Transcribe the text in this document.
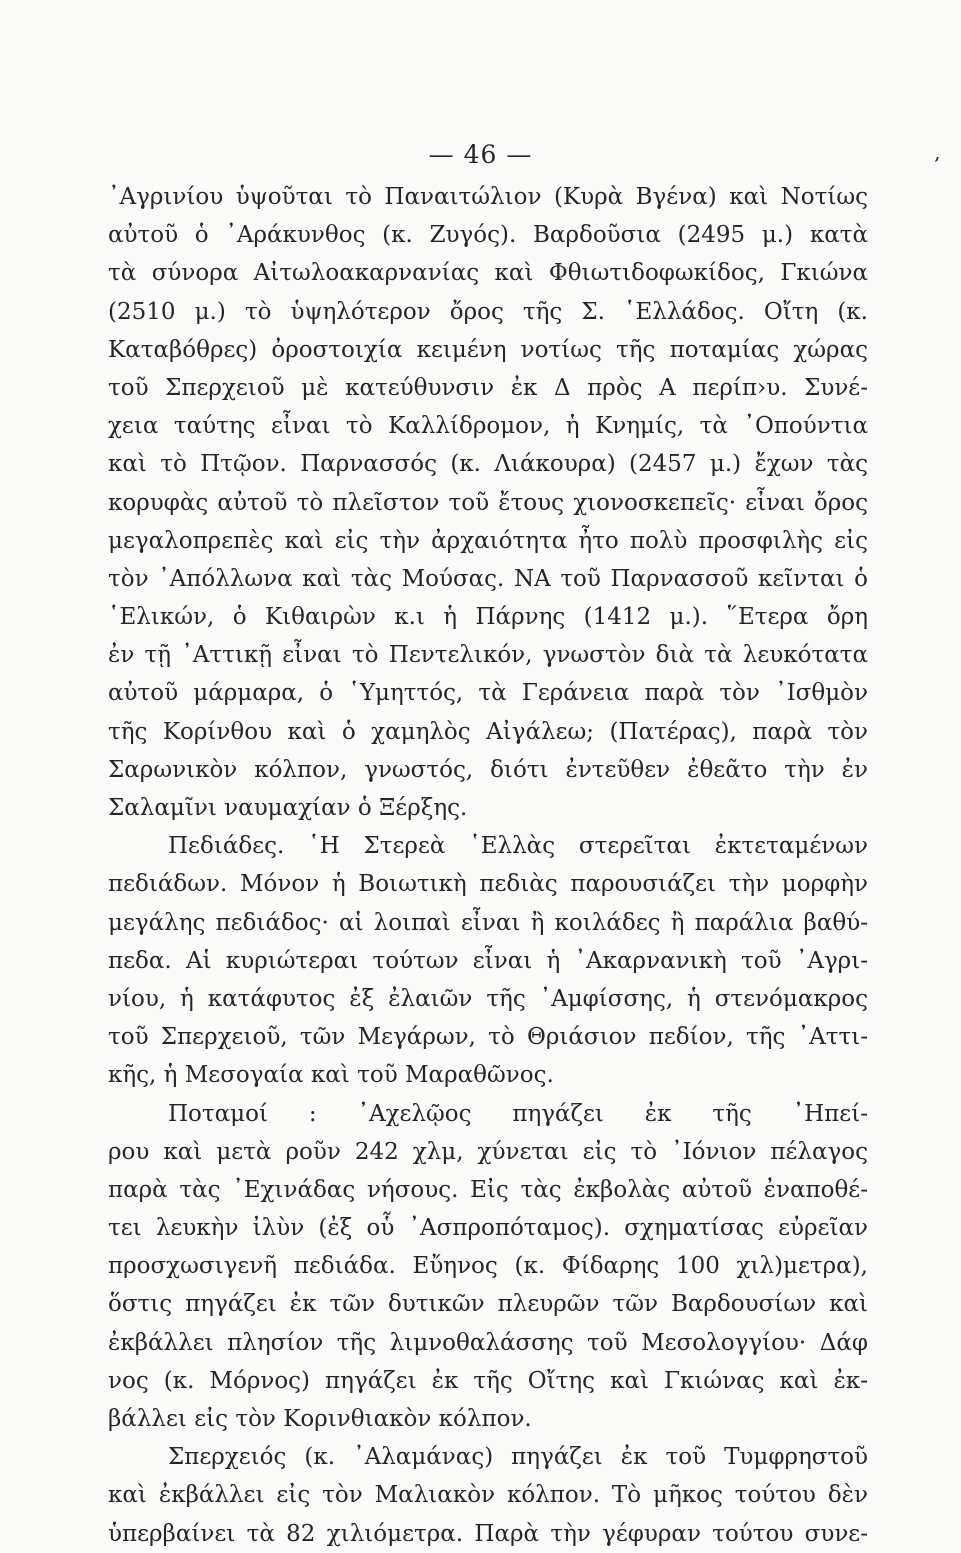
— 46 —	‚
᾿Αγρινίου ὑψοῦται τὸ Παναιτώλιον (Κυρὰ Βγένα) καὶ Νοτίως
αὐτοῦ ὁ ᾿Αράκυνθος (κ. Ζυγός). Βαρδοῦσια (2495 μ.) κατὰ
τὰ σύνορα Αἰτωλοακαρνανίας καὶ Φθιωτιδοφωκίδος, Γκιώνα
(2510 μ.) τὸ ὑψηλότερον ὄρος τῆς Σ. ῾Ελλάδος. Οἴτη (κ.
Καταβόθρες) ὀροστοιχία κειμένη νοτίως τῆς ποταμίας χώρας
τοῦ Σπερχειοῦ μὲ κατεύθυνσιν ἐκ Δ πρὸς Α περίπ›υ. Συνέ-
χεια ταύτης εἶναι τὸ Καλλίδρομον, ἡ Κνημίς, τὰ ᾿Οπούντια
καὶ τὸ Πτῷον. Παρνασσός (κ. Λιάκουρα) (2457 μ.) ἔχων τὰς
κορυφὰς αὐτοῦ τὸ πλεῖστον τοῦ ἔτους χιονοσκεπεῖς· εἶναι ὄρος
μεγαλοπρεπὲς καὶ εἰς τὴν ἀρχαιότητα ἦτο πολὺ προσφιλὴς εἰς
τὸν ᾿Απόλλωνα καὶ τὰς Μούσας. ΝΑ τοῦ Παρνασσοῦ κεῖνται ὁ
῾Ελικών, ὁ Κιθαιρὼν κ.ι ἡ Πάρνης (1412 μ.). ῞Ετερα ὄρη
ἐν τῇ ᾿Αττικῇ εἶναι τὸ Πεντελικόν, γνωστὸν διὰ τὰ λευκότατα
αὐτοῦ μάρμαρα, ὁ ῾Υμηττός, τὰ Γεράνεια παρὰ τὸν ᾿Ισθμὸν
τῆς Κορίνθου καὶ ὁ χαμηλὸς Αἰγάλεω; (Πατέρας), παρὰ τὸν
Σαρωνικὸν κόλπον, γνωστός, διότι ἐντεῦθεν ἐθεᾶτο τὴν ἐν
Σαλαμῖνι ναυμαχίαν ὁ Ξέρξης.
Πεδιάδες. ῾Η Στερεὰ ῾Ελλὰς στερεῖται ἐκτεταμένων
πεδιάδων. Μόνον ἡ Βοιωτικὴ πεδιὰς παρουσιάζει τὴν μορφὴν
μεγάλης πεδιάδος· αἱ λοιπαὶ εἶναι ἢ κοιλάδες ἢ παράλια βαθύ-
πεδα. Αἱ κυριώτεραι τούτων εἶναι ἡ ᾿Ακαρνανικὴ τοῦ ᾿Αγρι-
νίου, ἡ κατάφυτος ἐξ ἐλαιῶν τῆς ᾿Αμφίσσης, ἡ στενόμακρος
τοῦ Σπερχειοῦ, τῶν Μεγάρων, τὸ Θριάσιον πεδίον, τῆς ᾿Αττι-
κῆς, ἡ Μεσογαία καὶ τοῦ Μαραθῶνος.
Ποταμοί : ᾿Αχελῷος πηγάζει ἐκ τῆς ᾿Ηπεί-
ρου καὶ μετὰ ροῦν 242 χλμ, χύνεται εἰς τὸ ᾿Ιόνιον πέλαγος
παρὰ τὰς ᾿Εχινάδας νήσους. Εἰς τὰς ἐκβολὰς αὐτοῦ ἐναποθέ-
τει λευκὴν ἰλὺν (ἐξ οὗ ᾿Ασπροπόταμος). σχηματίσας εὐρεῖαν
προσχωσιγενῆ πεδιάδα. Εὔηνος (κ. Φίδαρης 100 χιλ)μετρα),
ὅστις πηγάζει ἐκ τῶν δυτικῶν πλευρῶν τῶν Βαρδουσίων καὶ
ἐκβάλλει πλησίον τῆς λιμνοθαλάσσης τοῦ Μεσολογγίου· Δάφ
νος (κ. Μόρνος) πηγάζει ἐκ τῆς Οἴτης καὶ Γκιώνας καὶ ἐκ-
βάλλει εἰς τὸν Κορινθιακὸν κόλπον.
Σπερχειός (κ. ᾿Αλαμάνας) πηγάζει ἐκ τοῦ Τυμφρηστοῦ
καὶ ἐκβάλλει εἰς τὸν Μαλιακὸν κόλπον. Τὸ μῆκος τούτου δὲν
ὑπερβαίνει τὰ 82 χιλιόμετρα. Παρὰ τὴν γέφυραν τούτου συνε-
